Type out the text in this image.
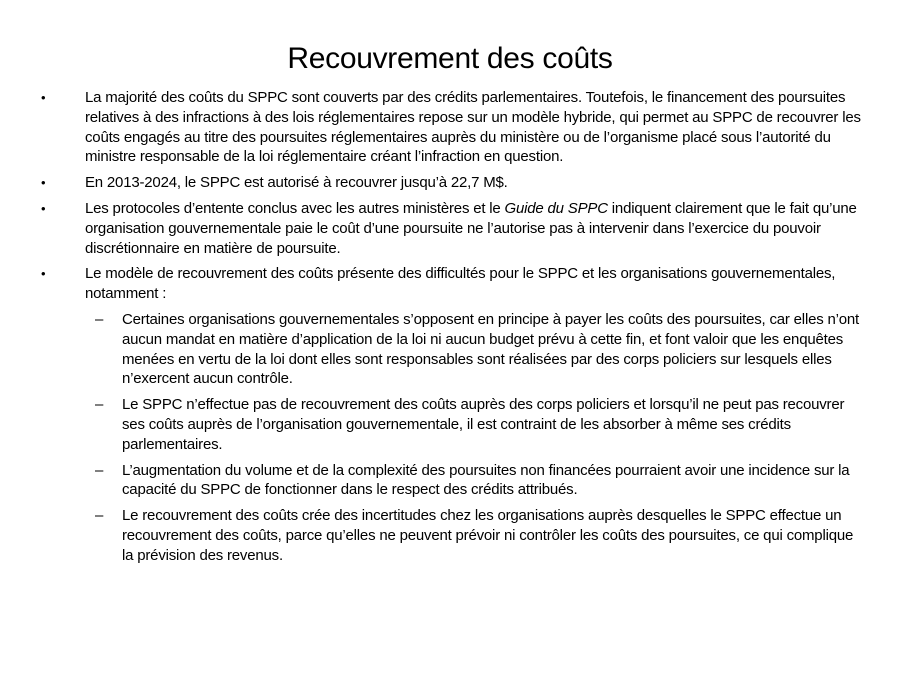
Recouvrement des coûts
•	La majorité des coûts du SPPC sont couverts par des crédits parlementaires. Toutefois, le financement des poursuites relatives à des infractions à des lois réglementaires repose sur un modèle hybride, qui permet au SPPC de recouvrer les coûts engagés au titre des poursuites réglementaires auprès du ministère ou de l’organisme placé sous l’autorité du ministre responsable de la loi réglementaire créant l’infraction en question.
•	En 2013-2024, le SPPC est autorisé à recouvrer jusqu’à 22,7 M$.
•	Les protocoles d’entente conclus avec les autres ministères et le Guide du SPPC indiquent clairement que le fait qu’une organisation gouvernementale paie le coût d’une poursuite ne l’autorise pas à intervenir dans l’exercice du pouvoir discrétionnaire en matière de poursuite.
•	Le modèle de recouvrement des coûts présente des difficultés pour le SPPC et les organisations gouvernementales, notamment :
–	Certaines organisations gouvernementales s’opposent en principe à payer les coûts des poursuites, car elles n’ont aucun mandat en matière d’application de la loi ni aucun budget prévu à cette fin, et font valoir que les enquêtes menées en vertu de la loi dont elles sont responsables sont réalisées par des corps policiers sur lesquels elles n’exercent aucun contrôle.
–	Le SPPC n’effectue pas de recouvrement des coûts auprès des corps policiers et lorsqu’il ne peut pas recouvrer ses coûts auprès de l’organisation gouvernementale, il est contraint de les absorber à même ses crédits parlementaires.
–	L’augmentation du volume et de la complexité des poursuites non financées pourraient avoir une incidence sur la capacité du SPPC de fonctionner dans le respect des crédits attribués.
–	Le recouvrement des coûts crée des incertitudes chez les organisations auprès desquelles le SPPC effectue un recouvrement des coûts, parce qu’elles ne peuvent prévoir ni contrôler les coûts des poursuites, ce qui complique la prévision des revenus.
